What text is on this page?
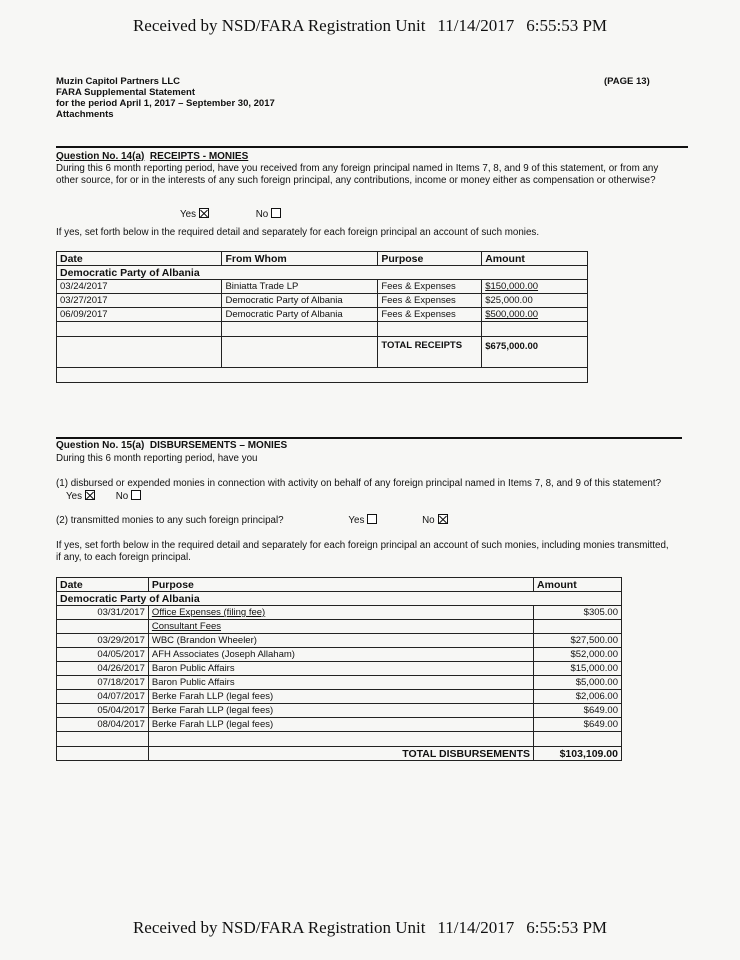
Received by NSD/FARA Registration Unit 11/14/2017 6:55:53 PM
Muzin Capitol Partners LLC
FARA Supplemental Statement
for the period April 1, 2017 – September 30, 2017
Attachments
(PAGE 13)
Question No. 14(a) RECEIPTS - MONIES
During this 6 month reporting period, have you received from any foreign principal named in Items 7, 8, and 9 of this statement, or from any other source, for or in the interests of any such foreign principal, any contributions, income or money either as compensation or otherwise?
Yes	No
If yes, set forth below in the required detail and separately for each foreign principal an account of such monies.
Date	From Whom	Purpose	Amount
Democratic Party of Albania			
03/24/2017	Biniatta Trade LP	Fees & Expenses	$150,000.00
03/27/2017	Democratic Party of Albania	Fees & Expenses	$25,000.00
06/09/2017	Democratic Party of Albania	Fees & Expenses	$500,000.00

		TOTAL RECEIPTS	$675,000.00

Question No. 15(a) DISBURSEMENTS – MONIES
During this 6 month reporting period, have you
(1) disbursed or expended monies in connection with activity on behalf of any foreign principal named in Items 7, 8, and 9 of this statement? Yes	No
(2) transmitted monies to any such foreign principal?	Yes	No
If yes, set forth below in the required detail and separately for each foreign principal an account of such monies, including monies transmitted, if any, to each foreign principal.
Date	Purpose	Amount
Democratic Party of Albania		
03/31/2017	Office Expenses (filing fee)	$305.00
	Consultant Fees	
03/29/2017	WBC (Brandon Wheeler)	$27,500.00
04/05/2017	AFH Associates (Joseph Allaham)	$52,000.00
04/26/2017	Baron Public Affairs	$15,000.00
07/18/2017	Baron Public Affairs	$5,000.00
04/07/2017	Berke Farah LLP (legal fees)	$2,006.00
05/04/2017	Berke Farah LLP (legal fees)	$649.00
08/04/2017	Berke Farah LLP (legal fees)	$649.00

	TOTAL DISBURSEMENTS	$103,109.00
Received by NSD/FARA Registration Unit 11/14/2017 6:55:53 PM
